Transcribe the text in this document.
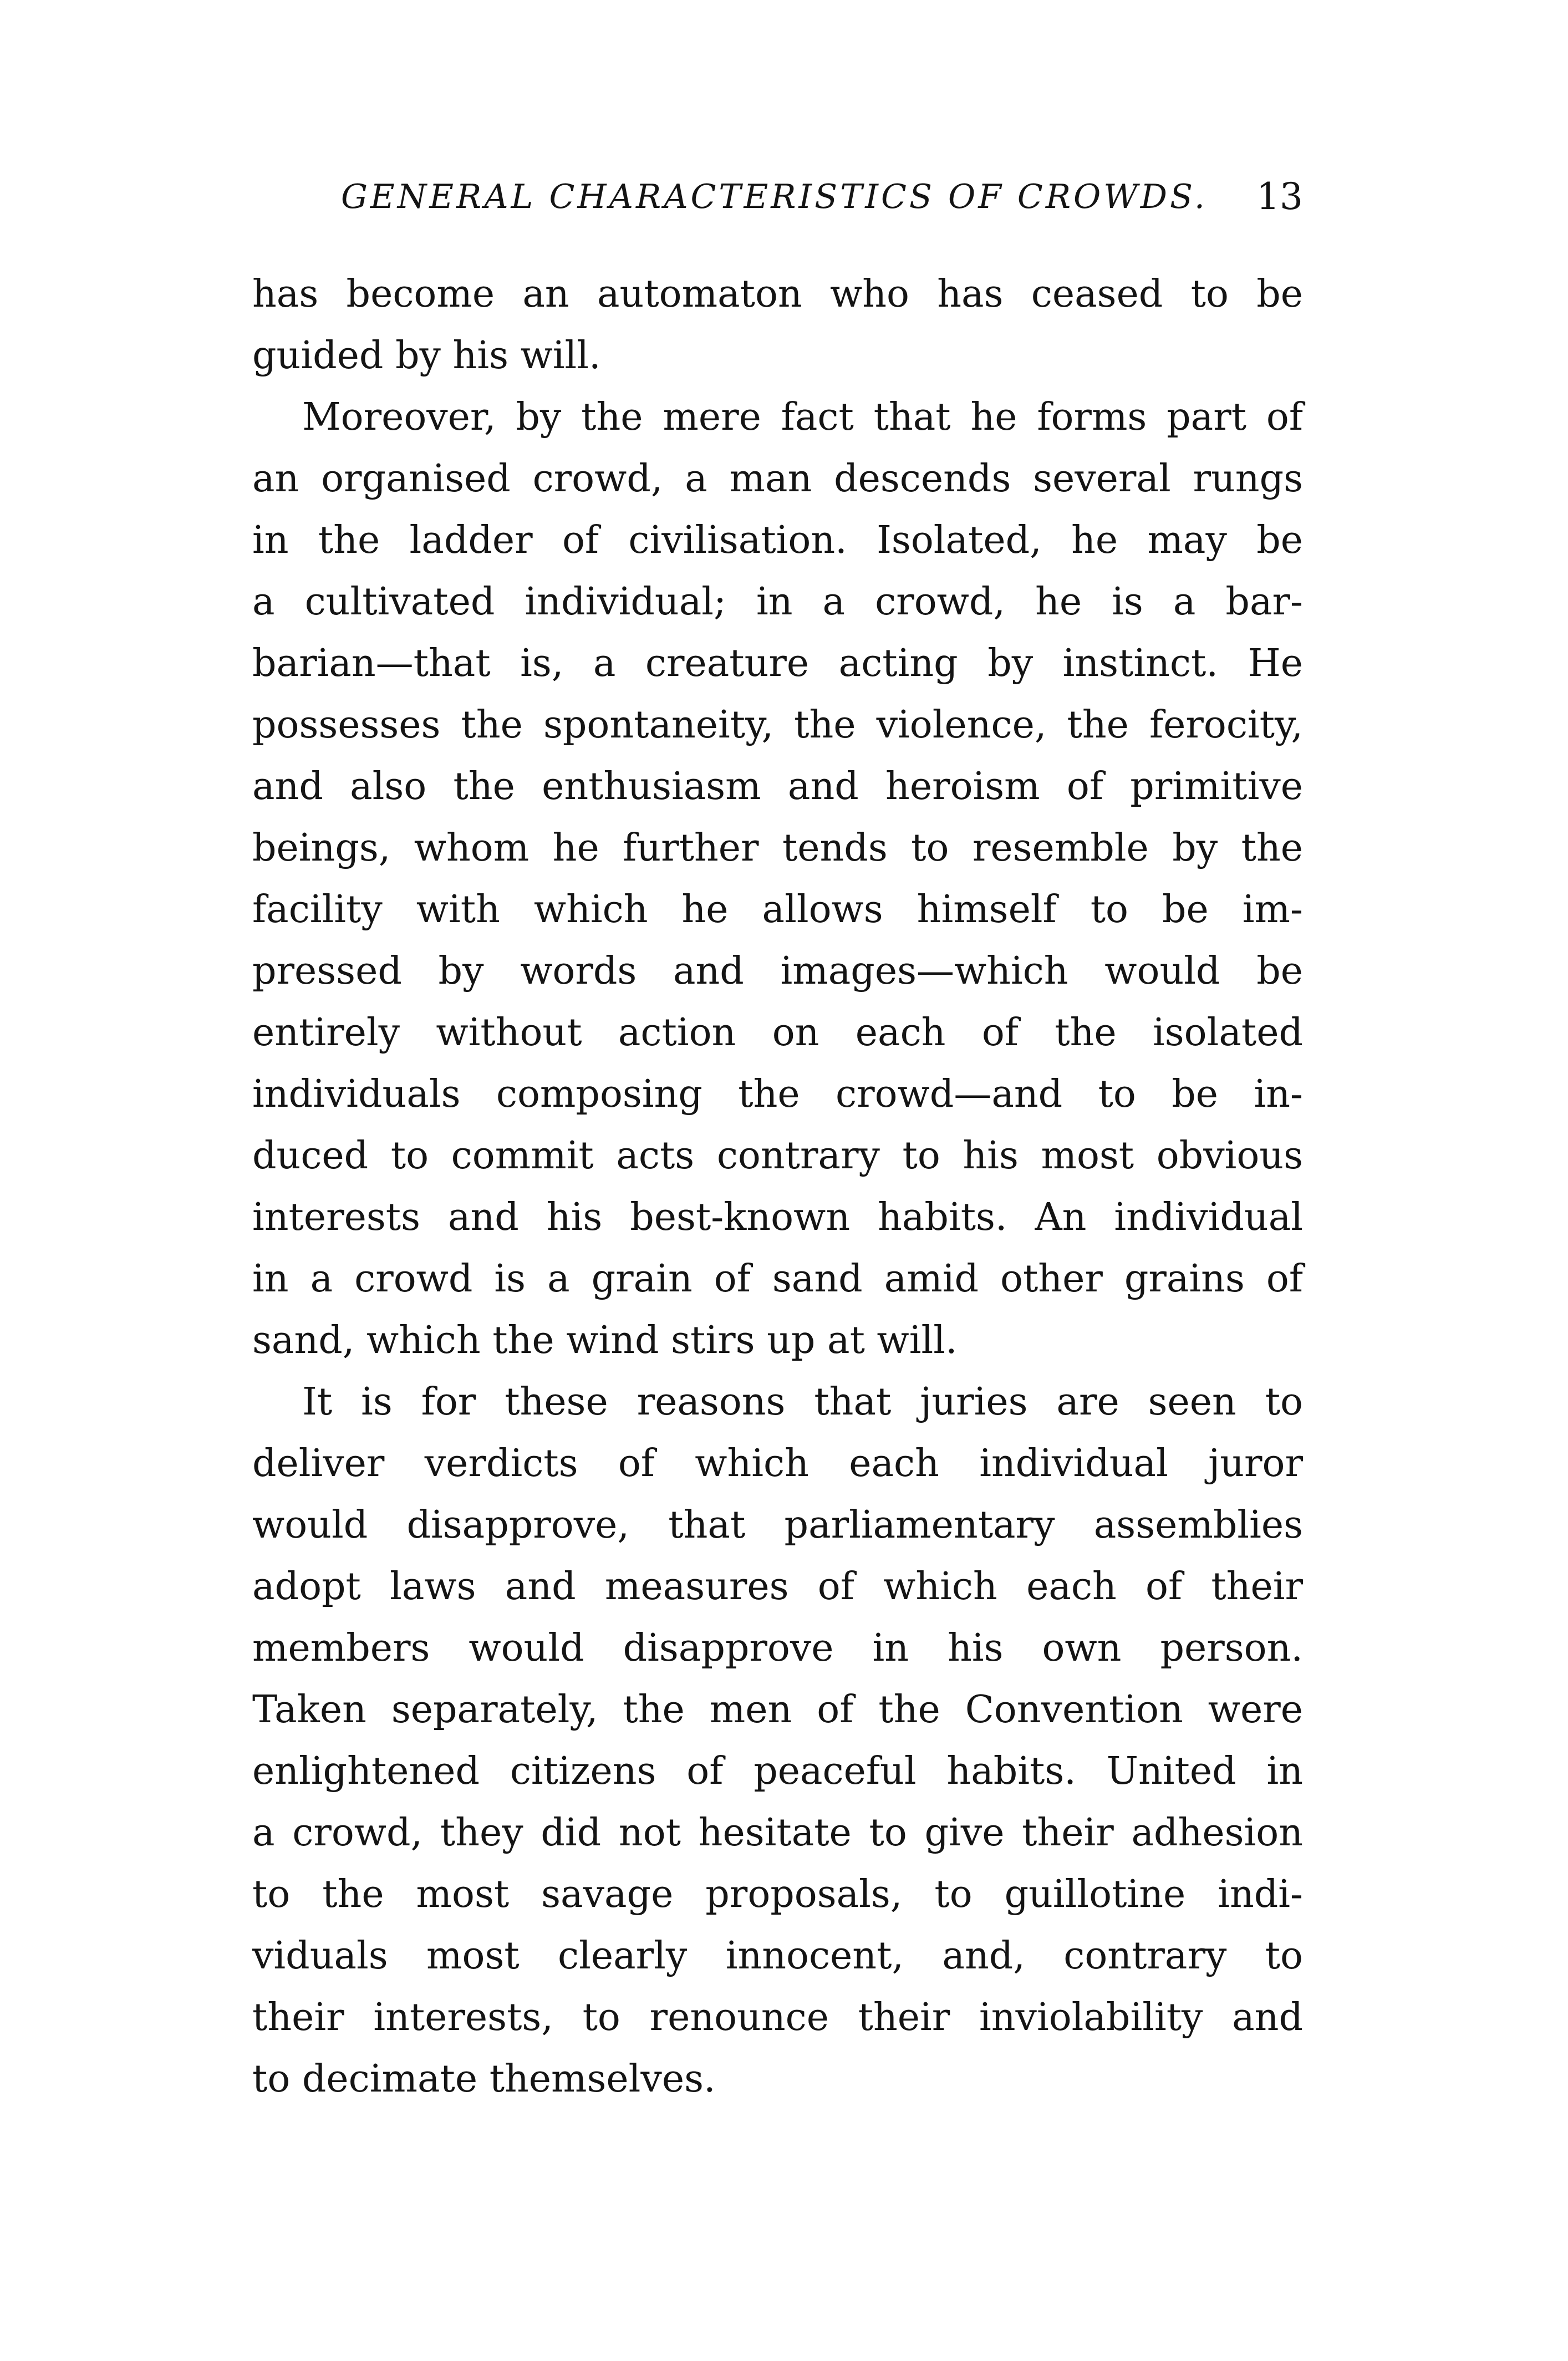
GENERAL CHARACTERISTICS OF CROWDS.	13

has become an automaton who has ceased to be
guided by his will.

Moreover, by the mere fact that he forms part of
an organised crowd, a man descends several rungs
in the ladder of civilisation. Isolated, he may be
a cultivated individual; in a crowd, he is a bar-
barian—that is, a creature acting by instinct. He
possesses the spontaneity, the violence, the ferocity,
and also the enthusiasm and heroism of primitive
beings, whom he further tends to resemble by the
facility with which he allows himself to be im-
pressed by words and images—which would be
entirely without action on each of the isolated
individuals composing the crowd—and to be in-
duced to commit acts contrary to his most obvious
interests and his best-known habits. An individual
in a crowd is a grain of sand amid other grains of
sand, which the wind stirs up at will.

It is for these reasons that juries are seen to
deliver verdicts of which each individual juror
would disapprove, that parliamentary assemblies
adopt laws and measures of which each of their
members would disapprove in his own person.
Taken separately, the men of the Convention were
enlightened citizens of peaceful habits. United in
a crowd, they did not hesitate to give their adhesion
to the most savage proposals, to guillotine indi-
viduals most clearly innocent, and, contrary to
their interests, to renounce their inviolability and
to decimate themselves.
